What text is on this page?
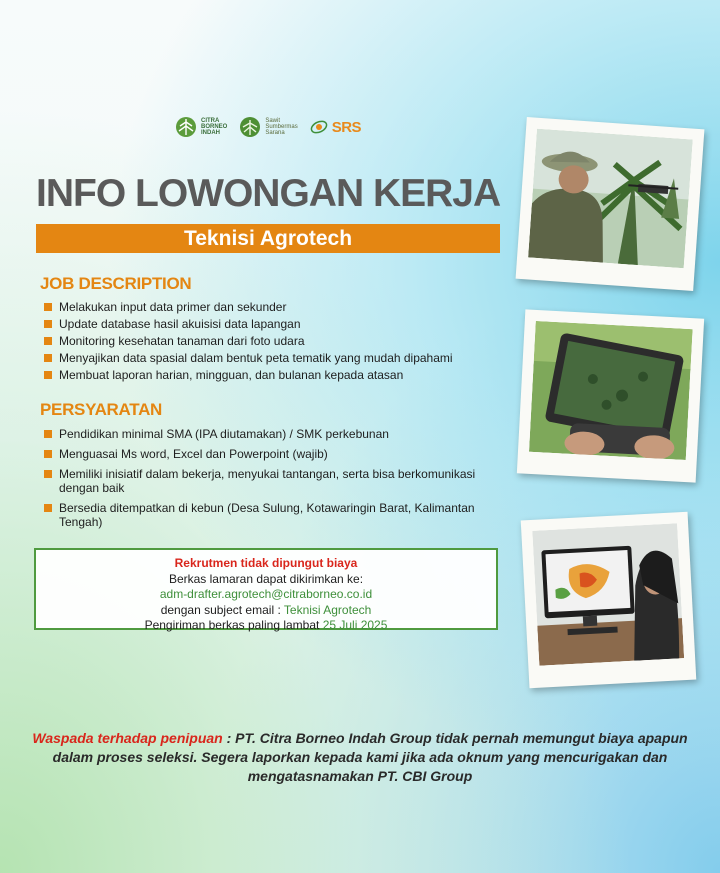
CITRA
BORNEO
INDAH
Sawit
Sumbermas
Sarana	SRS
INFO LOWONGAN KERJA
Teknisi Agrotech
JOB DESCRIPTION
Melakukan input data primer dan sekunder
Update database hasil akuisisi data lapangan
Monitoring kesehatan tanaman dari foto udara
Menyajikan data spasial dalam bentuk peta tematik yang mudah dipahami
Membuat laporan harian, mingguan, dan bulanan kepada atasan
PERSYARATAN
Pendidikan minimal SMA (IPA diutamakan) / SMK perkebunan
Menguasai Ms word, Excel dan Powerpoint (wajib)
Memiliki inisiatif dalam bekerja, menyukai tantangan, serta bisa berkomunikasi dengan baik
Bersedia ditempatkan di kebun (Desa Sulung, Kotawaringin Barat, Kalimantan Tengah)
Rekrutmen tidak dipungut biaya
Berkas lamaran dapat dikirimkan ke:
adm-drafter.agrotech@citraborneo.co.id
dengan subject email : Teknisi Agrotech
Pengiriman berkas paling lambat 25 Juli 2025
Waspada terhadap penipuan : PT. Citra Borneo Indah Group tidak pernah memungut biaya apapun dalam proses seleksi. Segera laporkan kepada kami jika ada oknum yang mencurigakan dan mengatasnamakan PT. CBI Group
